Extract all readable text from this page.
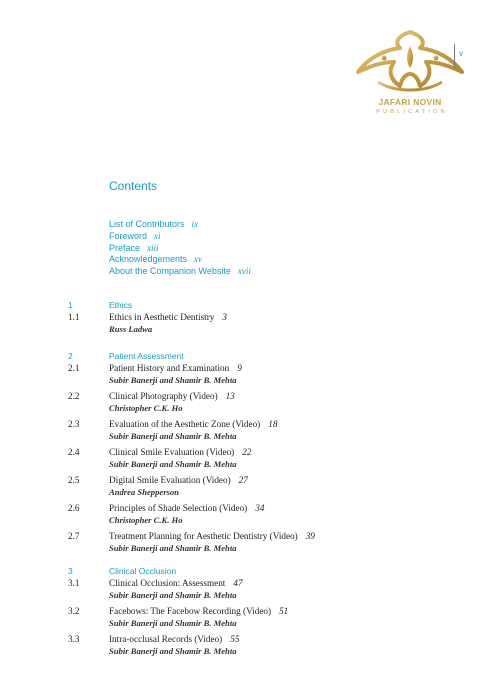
JAFARI NOVIN
PUBLICATION
v
Contents
List of Contributors ix
Foreword xi
Preface xiii
Acknowledgements xv
About the Companion Website xvii
1	Ethics
1.1	Ethics in Aesthetic Dentistry 3
Russ Ladwa
2	Patient Assessment
2.1	Patient History and Examination 9
Subir Banerji and Shamir B. Mehta
2.2	Clinical Photography (Video) 13
Christopher C.K. Ho
2.3	Evaluation of the Aesthetic Zone (Video) 18
Subir Banerji and Shamir B. Mehta
2.4	Clinical Smile Evaluation (Video) 22
Subir Banerji and Shamir B. Mehta
2.5	Digital Smile Evaluation (Video) 27
Andrea Shepperson
2.6	Principles of Shade Selection (Video) 34
Christopher C.K. Ho
2.7	Treatment Planning for Aesthetic Dentistry (Video) 39
Subir Banerji and Shamir B. Mehta
3	Clinical Occlusion
3.1	Clinical Occlusion: Assessment 47
Subir Banerji and Shamir B. Mehta
3.2	Facebows: The Facebow Recording (Video) 51
Subir Banerji and Shamir B. Mehta
3.3	Intra-occlusal Records (Video) 55
Subir Banerji and Shamir B. Mehta
